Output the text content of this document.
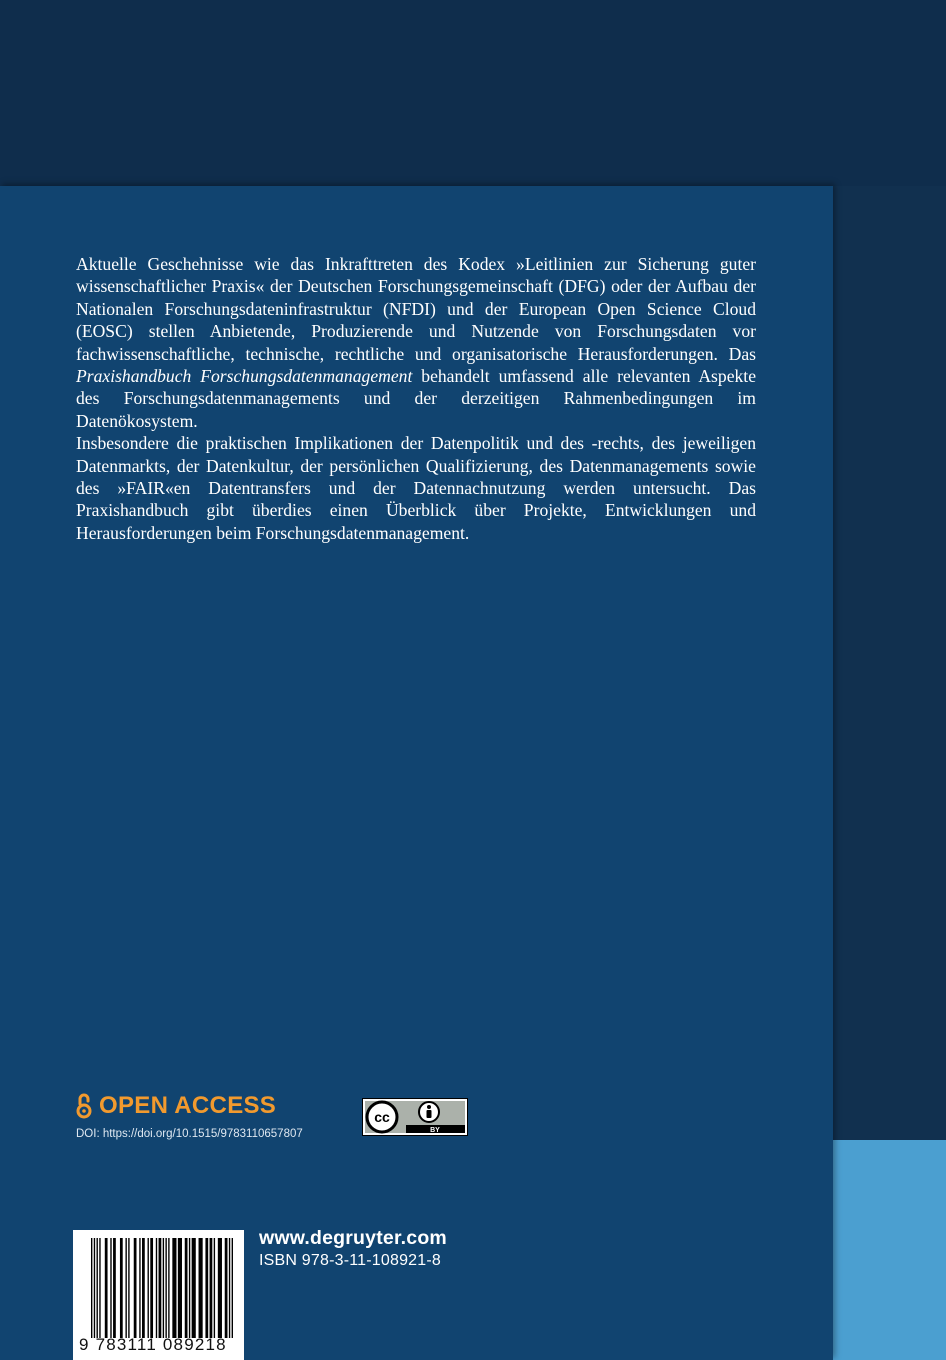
Aktuelle Geschehnisse wie das Inkrafttreten des Kodex »Leitlinien zur Sicherung guter wissenschaftlicher Praxis« der Deutschen Forschungsgemeinschaft (DFG) oder der Aufbau der Nationalen Forschungsdateninfrastruktur (NFDI) und der European Open Science Cloud (EOSC) stellen Anbietende, Produzierende und Nutzende von Forschungsdaten vor fachwissenschaftliche, technische, rechtliche und organisatorische Herausforderungen. Das Praxishandbuch Forschungsdatenmanagement behandelt umfassend alle relevanten Aspekte des Forschungsdatenmanagements und der derzeitigen Rahmenbedingungen im Datenökosystem.

Insbesondere die praktischen Implikationen der Datenpolitik und des -rechts, des jeweiligen Datenmarkts, der Datenkultur, der persönlichen Qualifizierung, des Datenmanagements sowie des »FAIR«en Datentransfers und der Datennachnutzung werden untersucht. Das Praxishandbuch gibt überdies einen Überblick über Projekte, Entwicklungen und Herausforderungen beim Forschungsdatenmanagement.

OPEN ACCESS
DOI: https://doi.org/10.1515/9783110657807
cc
BY
9 783111 089218
www.degruyter.com
ISBN 978-3-11-108921-8
